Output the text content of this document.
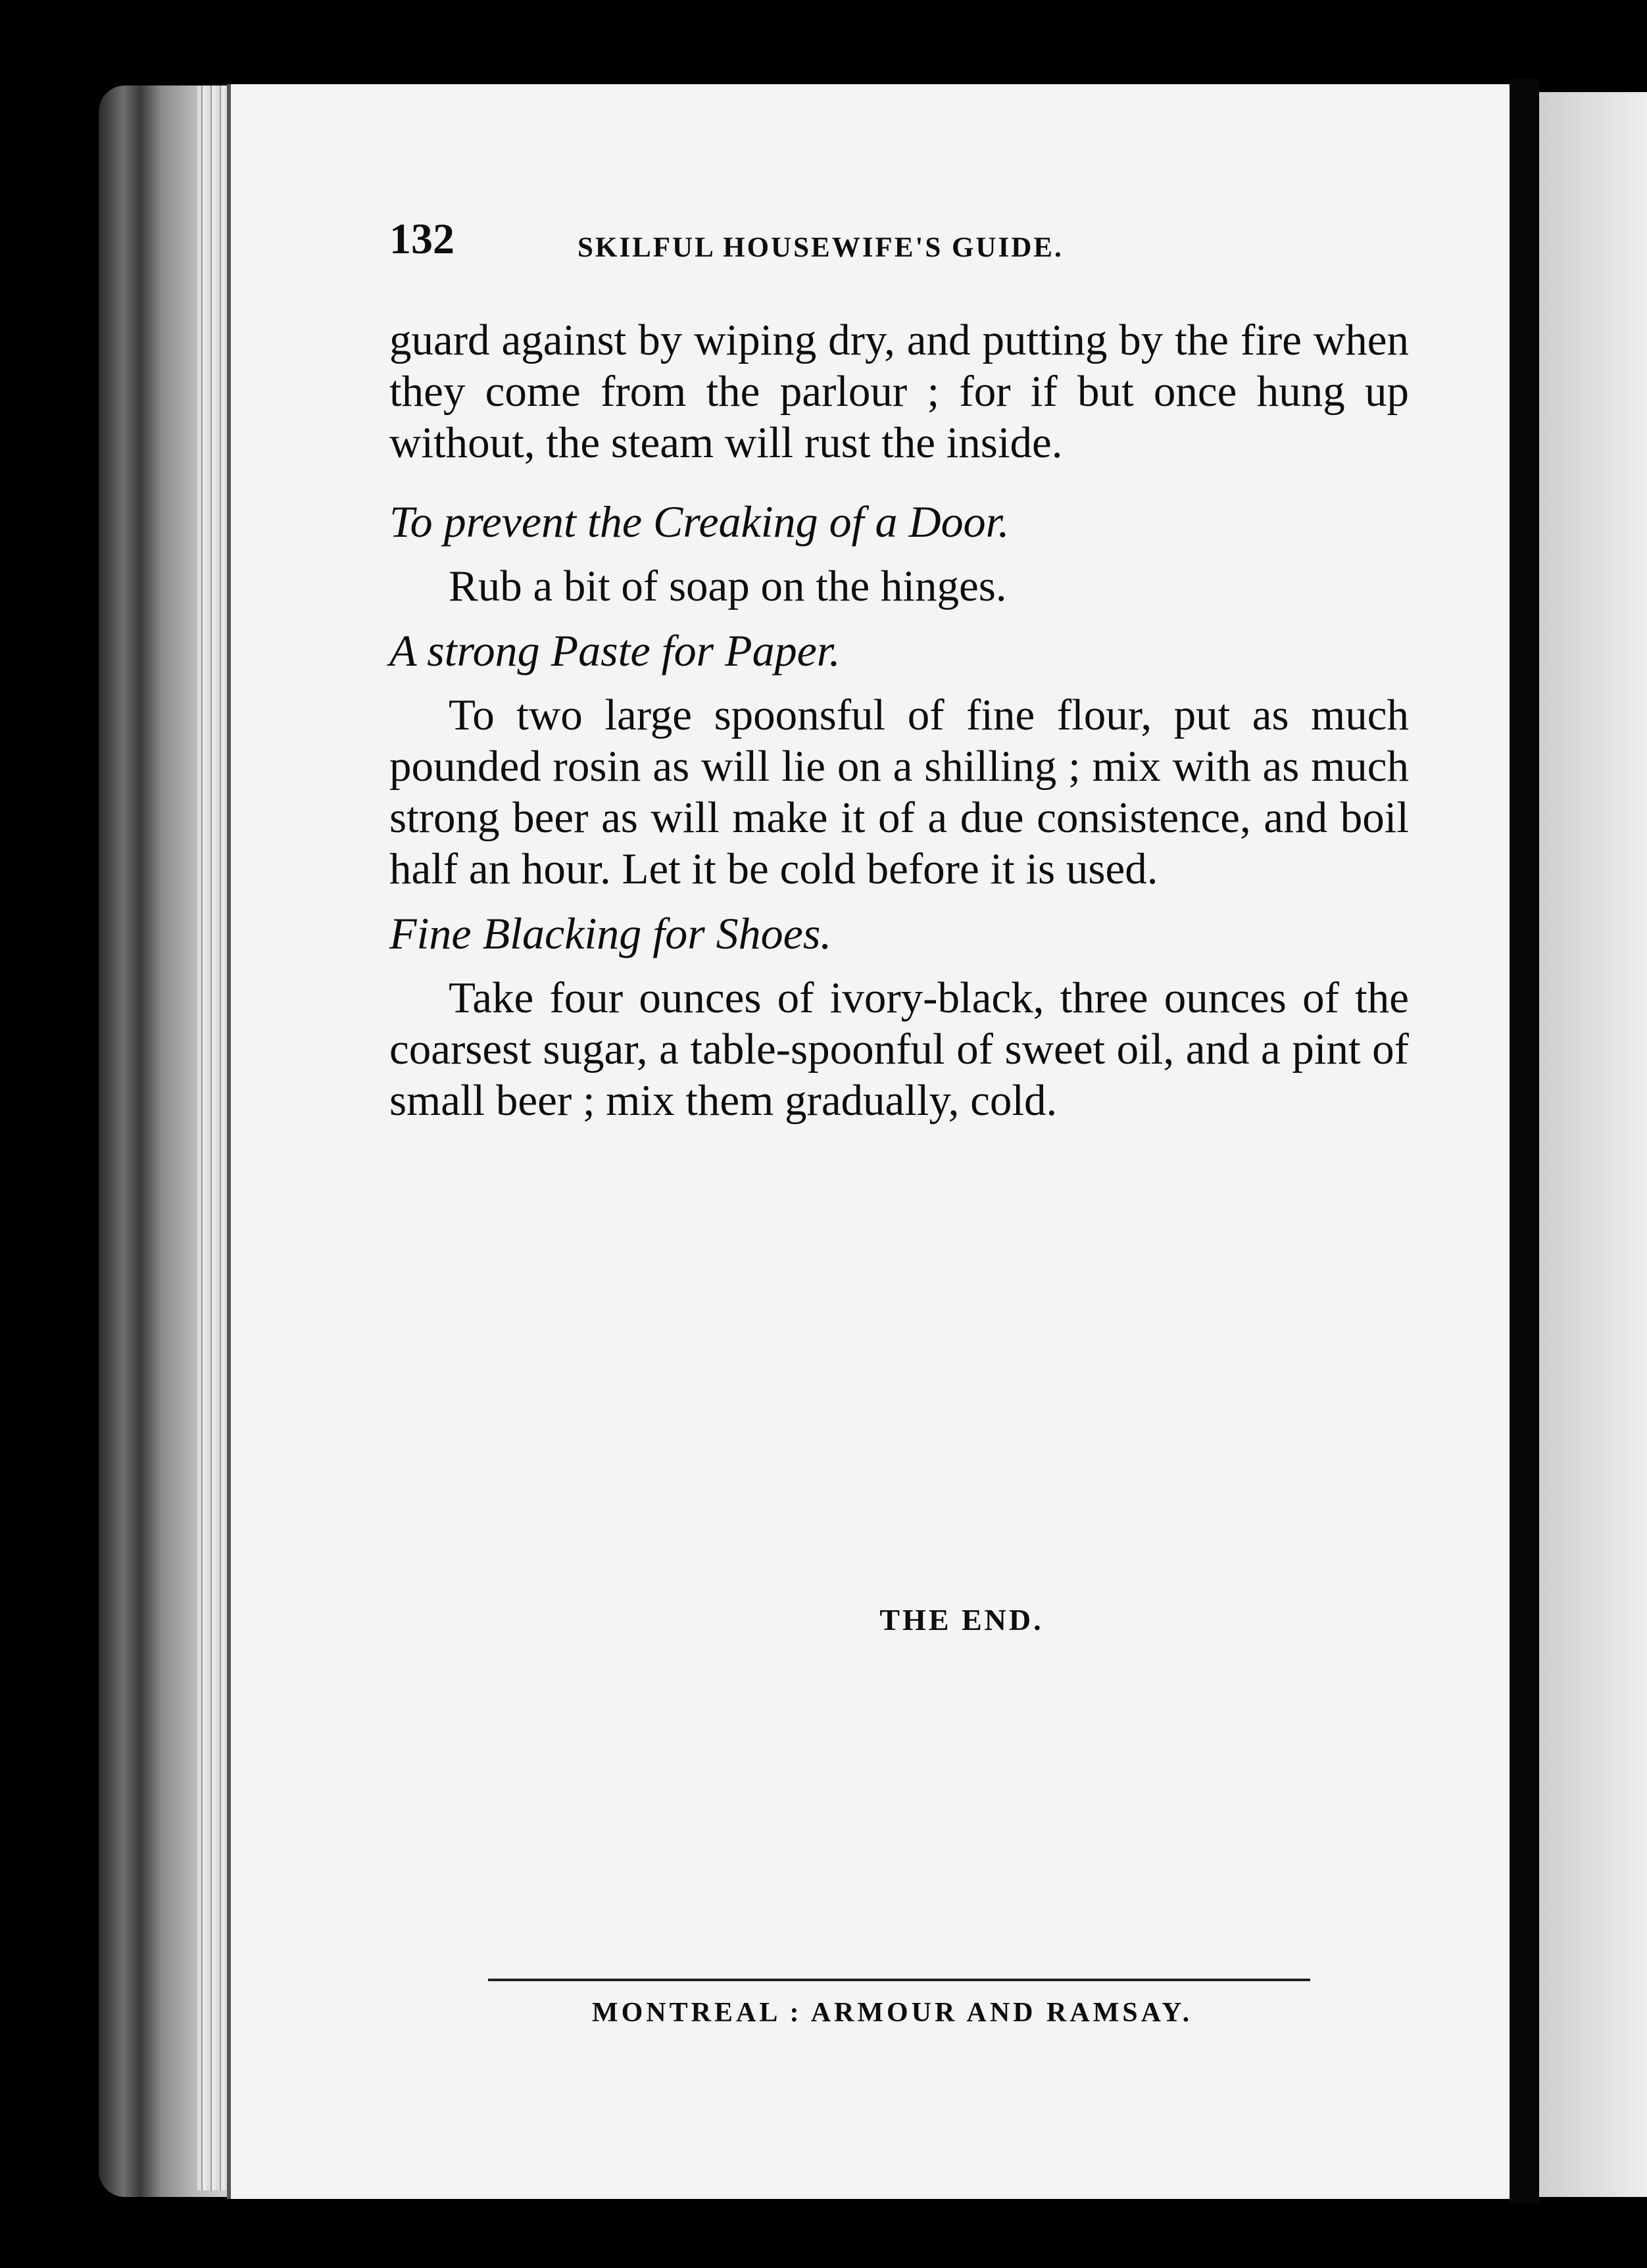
132	SKILFUL HOUSEWIFE'S GUIDE.

guard against by wiping dry, and putting by the fire when they come from the parlour ; for if but once hung up without, the steam will rust the inside.

To prevent the Creaking of a Door.

Rub a bit of soap on the hinges.

A strong Paste for Paper.

To two large spoonsful of fine flour, put as much pounded rosin as will lie on a shilling ; mix with as much strong beer as will make it of a due consistence, and boil half an hour. Let it be cold before it is used.

Fine Blacking for Shoes.

Take four ounces of ivory-black, three ounces of the coarsest sugar, a table-spoonful of sweet oil, and a pint of small beer ; mix them gradually, cold.

THE END.
MONTREAL : ARMOUR AND RAMSAY.
